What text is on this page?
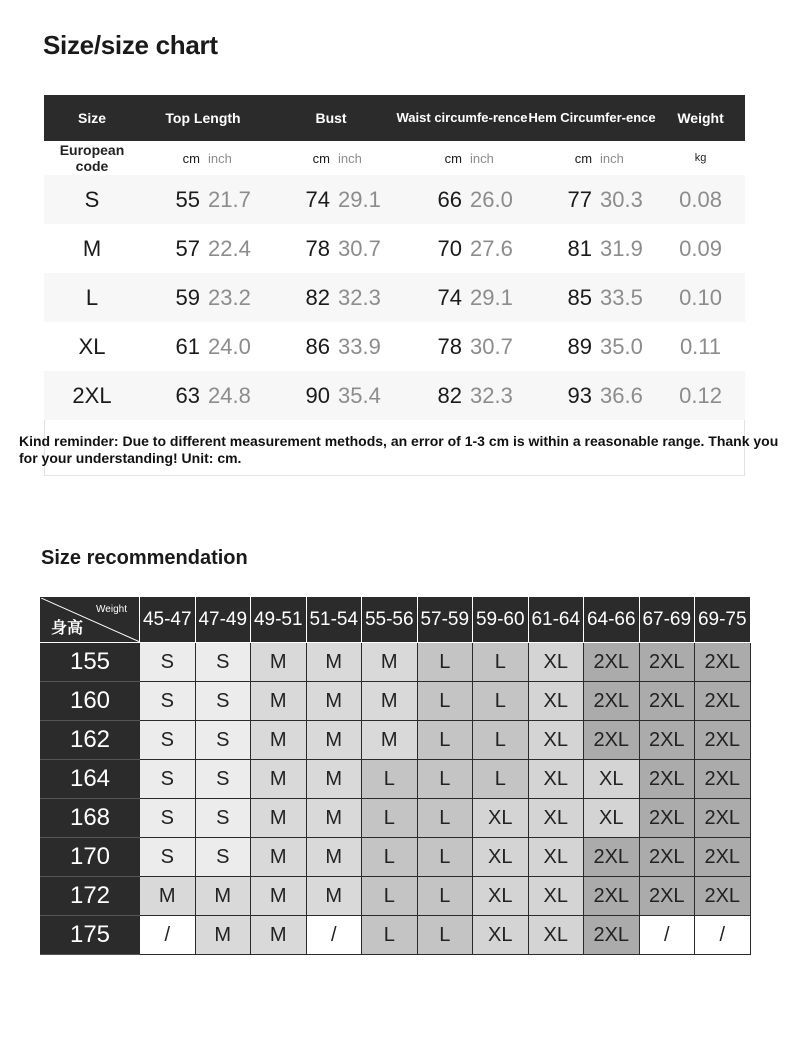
Size/size chart
Size	Top Length		Bust		Waist circumfe-rence		Hem Circumfer-ence		Weight
European code	cm	inch	cm	inch	cm	inch	cm	inch	kg
S	55	21.7	74	29.1	66	26.0	77	30.3	0.08
M	57	22.4	78	30.7	70	27.6	81	31.9	0.09
L	59	23.2	82	32.3	74	29.1	85	33.5	0.10
XL	61	24.0	86	33.9	78	30.7	89	35.0	0.11
2XL	63	24.8	90	35.4	82	32.3	93	36.6	0.12

Kind reminder: Due to different measurement methods, an error of 1-3 cm is within a reasonable range. Thank you for your understanding! Unit: cm.

Size recommendation
Weight
身高	45-47	47-49	49-51	51-54	55-56	57-59	59-60	61-64	64-66	67-69	69-75
155	S	S	M	M	M	L	L	XL	2XL	2XL	2XL
160	S	S	M	M	M	L	L	XL	2XL	2XL	2XL
162	S	S	M	M	M	L	L	XL	2XL	2XL	2XL
164	S	S	M	M	L	L	L	XL	XL	2XL	2XL
168	S	S	M	M	L	L	XL	XL	XL	2XL	2XL
170	S	S	M	M	L	L	XL	XL	2XL	2XL	2XL
172	M	M	M	M	L	L	XL	XL	2XL	2XL	2XL
175	/	M	M	/	L	L	XL	XL	2XL	/	/
